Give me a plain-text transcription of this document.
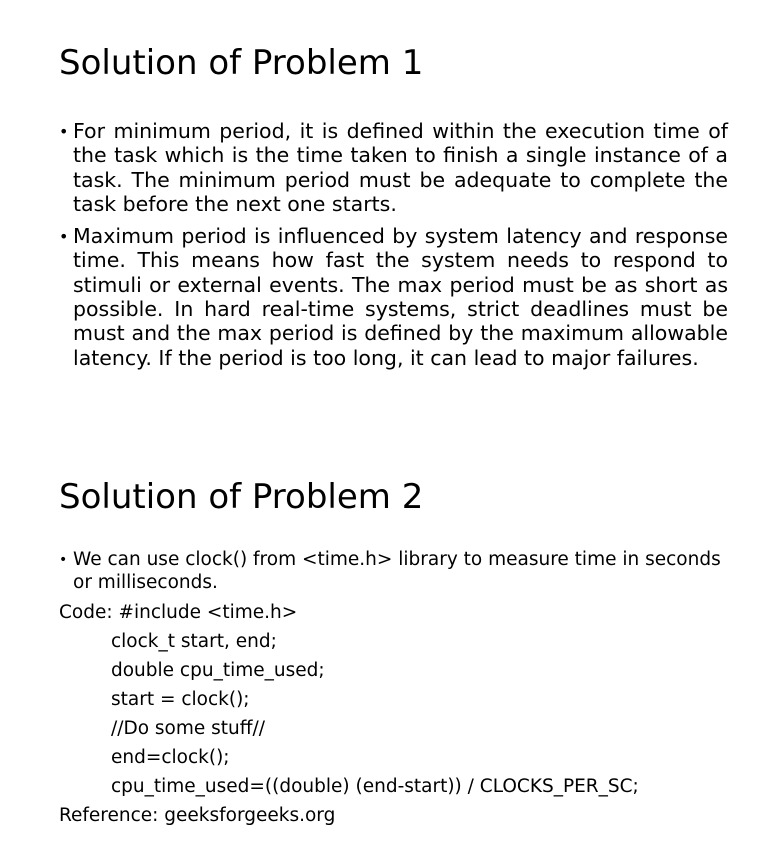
Solution of Problem 1
• For minimum period, it is defined within the execution time of the task which is the time taken to finish a single instance of a task. The minimum period must be adequate to complete the task before the next one starts.
• Maximum period is influenced by system latency and response time. This means how fast the system needs to respond to stimuli or external events. The max period must be as short as possible. In hard real-time systems, strict deadlines must be must and the max period is defined by the maximum allowable latency. If the period is too long, it can lead to major failures.
Solution of Problem 2
• We can use clock() from <time.h> library to measure time in seconds or milliseconds.
Code: #include <time.h>
clock_t start, end;
double cpu_time_used;
start = clock();
//Do some stuff//
end=clock();
cpu_time_used=((double) (end-start)) / CLOCKS_PER_SC;
Reference: geeksforgeeks.org
